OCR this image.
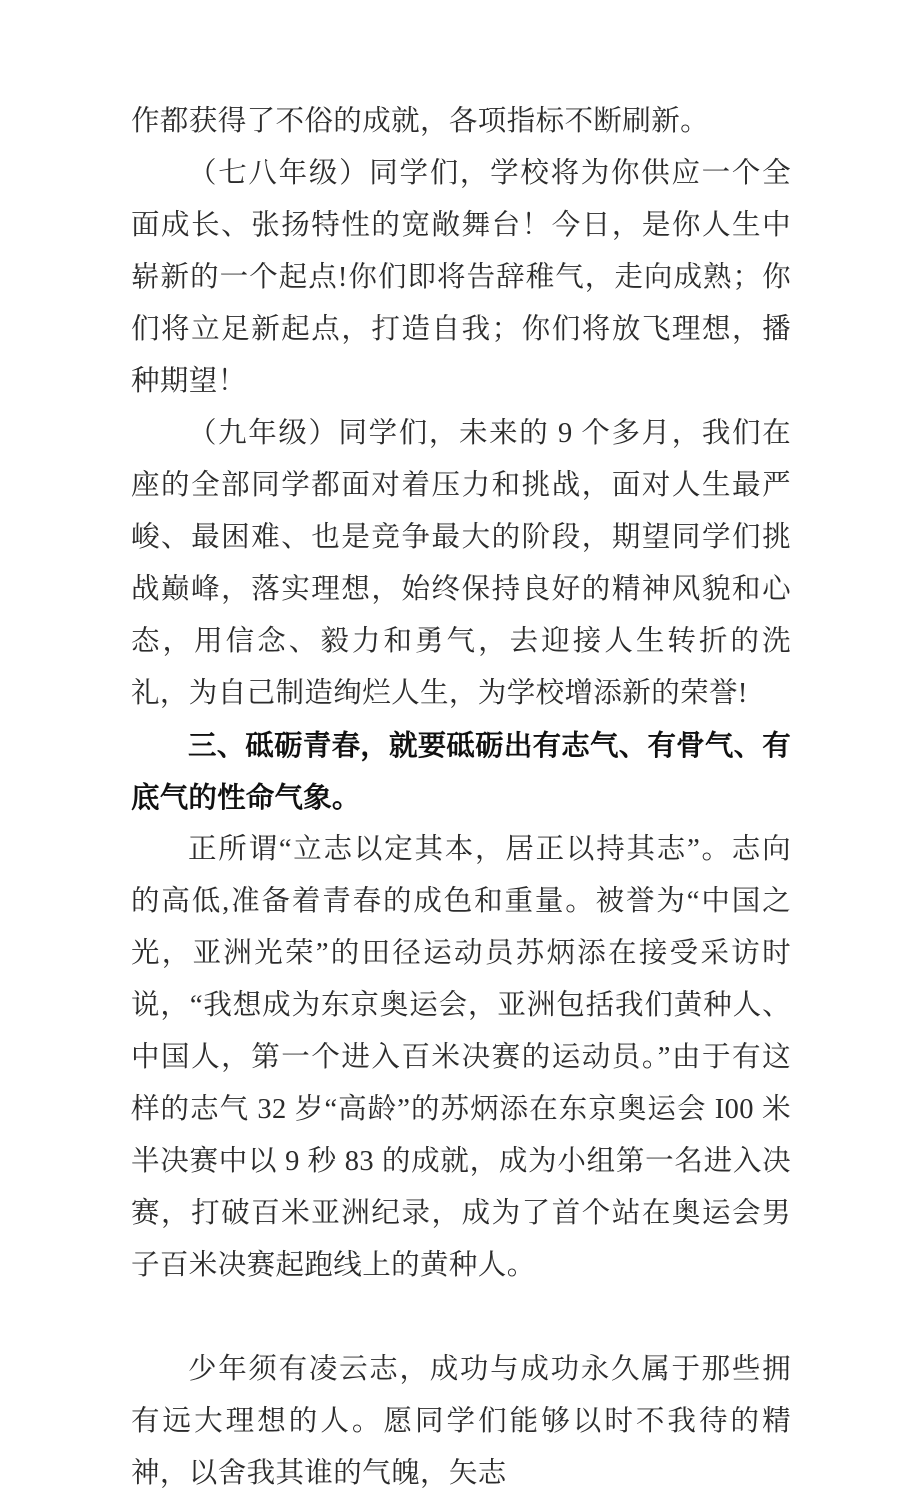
作都获得了不俗的成就，各项指标不断刷新。

（七八年级）同学们，学校将为你供应一个全面成长、张扬特性的宽敞舞台！今日，是你人生中崭新的一个起点!你们即将告辞稚气，走向成熟；你们将立足新起点，打造自我；你们将放飞理想，播种期望！

（九年级）同学们，未来的 9 个多月，我们在座的全部同学都面对着压力和挑战，面对人生最严峻、最困难、也是竞争最大的阶段，期望同学们挑战巅峰，落实理想，始终保持良好的精神风貌和心态，用信念、毅力和勇气，去迎接人生转折的洗礼，为自己制造绚烂人生，为学校增添新的荣誉!

三、砥砺青春，就要砥砺出有志气、有骨气、有底气的性命气象。

正所谓“立志以定其本，居正以持其志”。志向的高低,准备着青春的成色和重量。被誉为“中国之光，亚洲光荣”的田径运动员苏炳添在接受采访时说，“我想成为东京奥运会，亚洲包括我们黄种人、中国人，第一个进入百米决赛的运动员。”由于有这样的志气 32 岁“高龄”的苏炳添在东京奥运会 I00 米半决赛中以 9 秒 83 的成就，成为小组第一名进入决赛，打破百米亚洲纪录，成为了首个站在奥运会男子百米决赛起跑线上的黄种人。

少年须有凌云志，成功与成功永久属于那些拥有远大理想的人。愿同学们能够以时不我待的精神，以舍我其谁的气魄，矢志
